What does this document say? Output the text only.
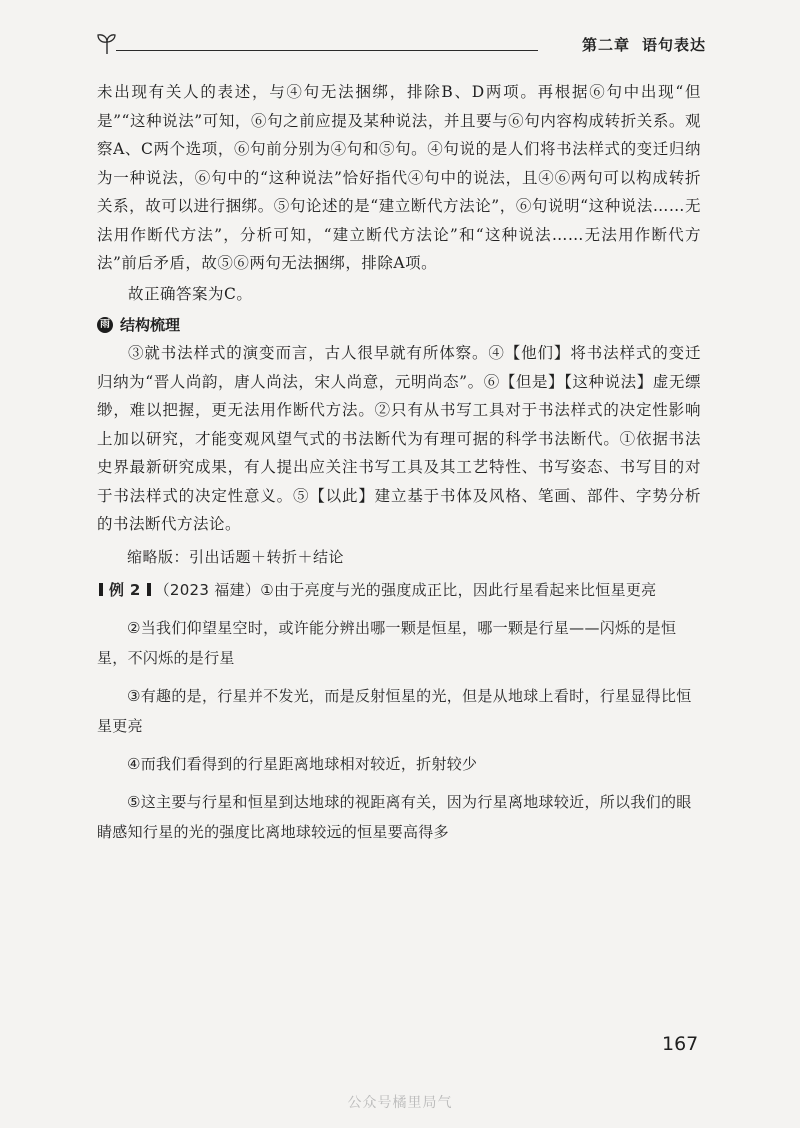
第二章 语句表达

未出现有关人的表述，与④句无法捆绑，排除B、D两项。再根据⑥句中出现“但是”“这种说法”可知，⑥句之前应提及某种说法，并且要与⑥句内容构成转折关系。观察A、C两个选项，⑥句前分别为④句和⑤句。④句说的是人们将书法样式的变迁归纳为一种说法，⑥句中的“这种说法”恰好指代④句中的说法，且④⑥两句可以构成转折关系，故可以进行捆绑。⑤句论述的是“建立断代方法论”，⑥句说明“这种说法……无法用作断代方法”，分析可知，“建立断代方法论”和“这种说法……无法用作断代方法”前后矛盾，故⑤⑥两句无法捆绑，排除A项。

故正确答案为C。

雨 结构梳理

③就书法样式的演变而言，古人很早就有所体察。④【他们】将书法样式的变迁归纳为“晋人尚韵，唐人尚法，宋人尚意，元明尚态”。⑥【但是】【这种说法】虚无缥缈，难以把握，更无法用作断代方法。②只有从书写工具对于书法样式的决定性影响上加以研究，才能变观风望气式的书法断代为有理可据的科学书法断代。①依据书法史界最新研究成果，有人提出应关注书写工具及其工艺特性、书写姿态、书写目的对于书法样式的决定性意义。⑤【以此】建立基于书体及风格、笔画、部件、字势分析的书法断代方法论。

缩略版：引出话题＋转折＋结论

例 2 （2023 福建）①由于亮度与光的强度成正比，因此行星看起来比恒星更亮
②当我们仰望星空时，或许能分辨出哪一颗是恒星，哪一颗是行星——闪烁的是恒星，不闪烁的是行星
③有趣的是，行星并不发光，而是反射恒星的光，但是从地球上看时，行星显得比恒星更亮
④而我们看得到的行星距离地球相对较近，折射较少
⑤这主要与行星和恒星到达地球的视距离有关，因为行星离地球较近，所以我们的眼睛感知行星的光的强度比离地球较远的恒星要高得多
167
公众号橘里局气
